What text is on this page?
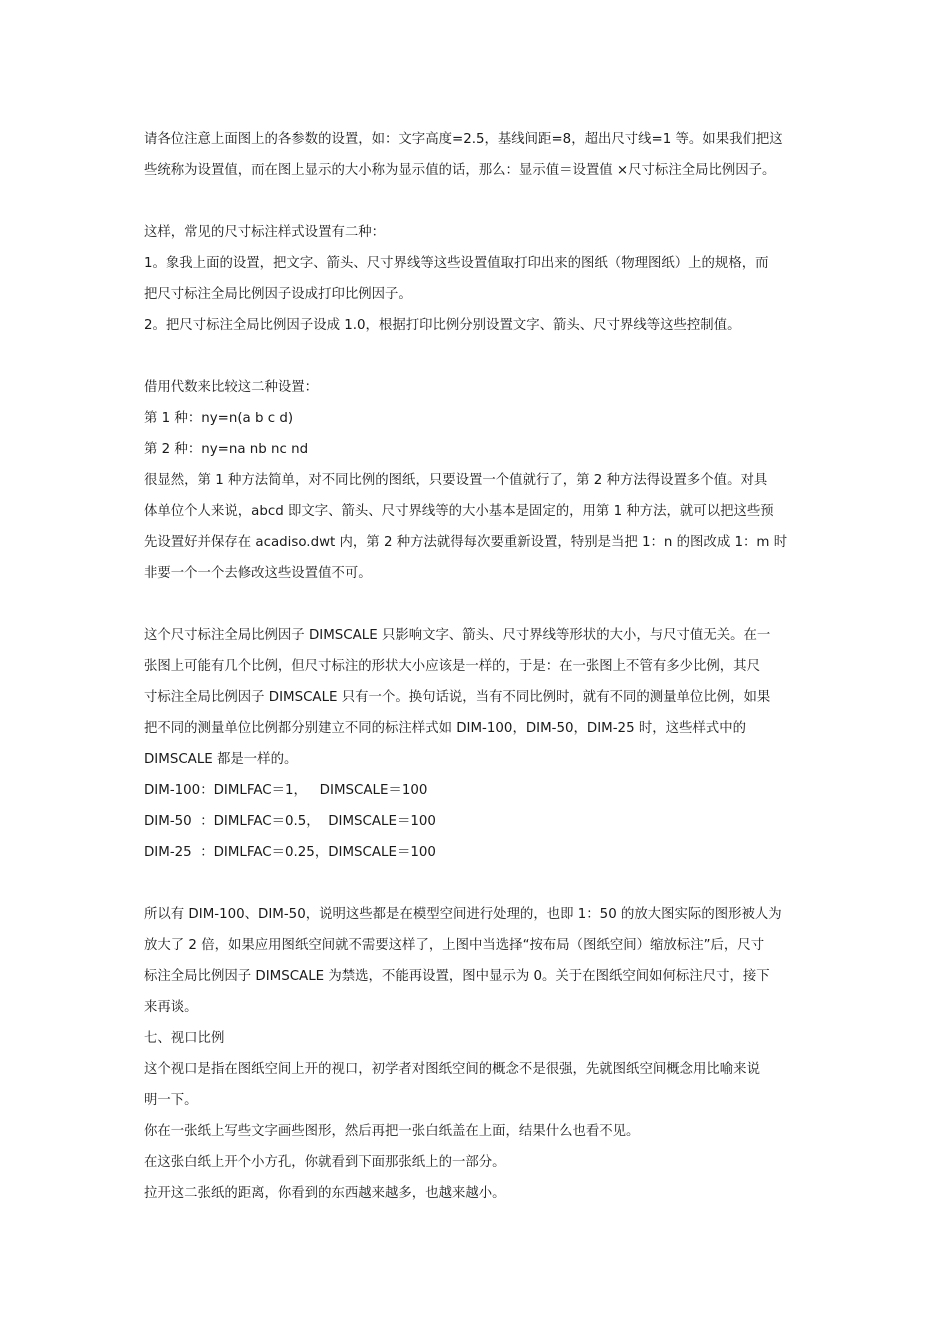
请各位注意上面图上的各参数的设置，如：文字高度=2.5，基线间距=8，超出尺寸线=1 等。如果我们把这
些统称为设置值，而在图上显示的大小称为显示值的话，那么：显示值＝设置值 ×尺寸标注全局比例因子。
这样，常见的尺寸标注样式设置有二种：
1。象我上面的设置，把文字、箭头、尺寸界线等这些设置值取打印出来的图纸（物理图纸）上的规格，而
把尺寸标注全局比例因子设成打印比例因子。
2。把尺寸标注全局比例因子设成 1.0，根据打印比例分别设置文字、箭头、尺寸界线等这些控制值。
借用代数来比较这二种设置：
第 1 种：ny=n(a b c d)
第 2 种：ny=na nb nc nd
很显然，第 1 种方法简单，对不同比例的图纸，只要设置一个值就行了，第 2 种方法得设置多个值。对具
体单位个人来说，abcd 即文字、箭头、尺寸界线等的大小基本是固定的，用第 1 种方法，就可以把这些预
先设置好并保存在 acadiso.dwt 内，第 2 种方法就得每次要重新设置，特别是当把 1：n 的图改成 1：m 时
非要一个一个去修改这些设置值不可。
这个尺寸标注全局比例因子 DIMSCALE 只影响文字、箭头、尺寸界线等形状的大小，与尺寸值无关。在一
张图上可能有几个比例，但尺寸标注的形状大小应该是一样的，于是：在一张图上不管有多少比例，其尺
寸标注全局比例因子 DIMSCALE 只有一个。换句话说，当有不同比例时，就有不同的测量单位比例，如果
把不同的测量单位比例都分别建立不同的标注样式如 DIM-100，DIM-50，DIM-25 时，这些样式中的
DIMSCALE 都是一样的。
DIM-100：DIMLFAC＝1，   DIMSCALE＝100
DIM-50  ：DIMLFAC＝0.5，  DIMSCALE＝100
DIM-25  ：DIMLFAC＝0.25，DIMSCALE＝100
所以有 DIM-100、DIM-50，说明这些都是在模型空间进行处理的，也即 1：50 的放大图实际的图形被人为
放大了 2 倍，如果应用图纸空间就不需要这样了，上图中当选择“按布局（图纸空间）缩放标注”后，尺寸
标注全局比例因子 DIMSCALE 为禁选，不能再设置，图中显示为 0。关于在图纸空间如何标注尺寸，接下
来再谈。
七、视口比例
这个视口是指在图纸空间上开的视口，初学者对图纸空间的概念不是很强，先就图纸空间概念用比喻来说
明一下。
你在一张纸上写些文字画些图形，然后再把一张白纸盖在上面，结果什么也看不见。
在这张白纸上开个小方孔，你就看到下面那张纸上的一部分。
拉开这二张纸的距离，你看到的东西越来越多，也越来越小。
